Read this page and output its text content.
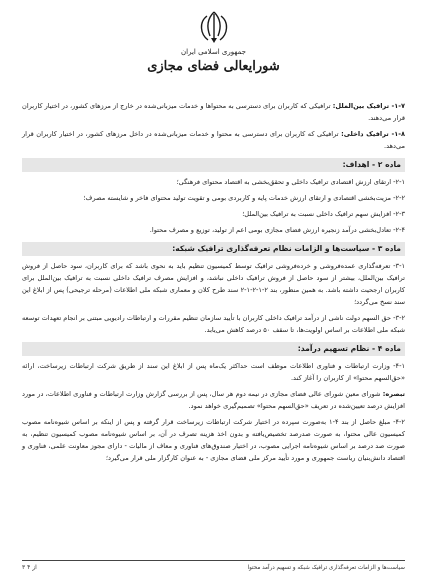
جمهوری اسلامی ایران
شورایعالی فضای مجازی
۱-۷- ترافیک بین‌الملل: ترافیکی که کاربران برای دسترسی به محتواها و خدمات میزبانی‌شده در خارج از مرزهای کشور، در اختیار کاربران قرار می‌دهند.
۱-۸- ترافیک داخلی: ترافیکی که کاربران برای دسترسی به محتوا و خدمات میزبانی‌شده در داخل مرزهای کشور، در اختیار کاربران قرار می‌دهد.
ماده ۲ - اهداف:
۲-۱- ارتقای ارزش اقتصادی ترافیک داخلی و تحقق‌بخشی به اقتصاد محتوای فرهنگی؛
۲-۲- مزیت‌بخشی اقتصادی و ارتقای ارزش خدمات پایه و کاربردی بومی و تقویت تولید محتوای فاخر و شایسته مصرف؛
۲-۳- افزایش سهم ترافیک داخلی نسبت به ترافیک بین‌الملل؛
۲-۴- تعادل‌بخشی درآمد زنجیره ارزش فضای مجازی بومی اعم از تولید، توزیع و مصرف محتوا.
ماده ۳ - سیاست‌ها و الزامات نظام تعرفه‌گذاری ترافیک شبکه:
۳-۱- تعرفه‌گذاری عمده‌فروشی و خرده‌فروشی ترافیک توسط کمیسیون تنظیم باید به نحوی باشد که برای کاربران، سود حاصل از فروش ترافیک بین‌الملل، بیشتر از سود حاصل از فروش ترافیک داخلی نباشد، و افزایش مصرف ترافیک داخلی نسبت به ترافیک بین‌الملل برای کاربران ارجحیت داشته باشد. به همین منظور، بند ۲-۱-۲-۱-۲ سند طرح کلان و معماری شبکه ملی اطلاعات (مرحله ترجیحی) پس از ابلاغ این سند نسخ می‌گردد؛
۳-۲- حق السهم دولت ناشی از درآمد ترافیک داخلی کاربران با تأیید سازمان تنظیم مقررات و ارتباطات رادیویی مبتنی بر انجام تعهدات توسعه شبکه ملی اطلاعات بر اساس اولویت‌ها، تا سقف ۵۰ درصد کاهش می‌یابد.
ماده ۴ - نظام تسهیم درآمد:
۴-۱- وزارت ارتباطات و فناوری اطلاعات موظف است حداکثر یک‌ماه پس از ابلاغ این سند از طریق شرکت ارتباطات زیرساخت، ارائه «حق‌السهم محتوا» از کاربران را آغاز کند.
تبصره: شورای معین شورای عالی فضای مجازی در نیمه دوم هر سال، پس از بررسی گزارش وزارت ارتباطات و فناوری اطلاعات، در مورد افزایش درصد تعیین‌شده در تعریف «حق‌السهم محتوا» تصمیم‌گیری خواهد نمود.
۴-۲- مبلغ حاصل از بند ۴-۱ به‌صورت سپرده در اختیار شرکت ارتباطات زیرساخت قرار گرفته و پس از اینکه بر اساس شیوه‌نامه مصوب کمیسیون عالی محتوا، به صورت صدرصد تخصیص‌یافته و بدون اخذ هزینه تصرف در آن، بر اساس شیوه‌نامه مصوب کمیسیون تنظیم، به صورت صد درصد بر اساس شیوه‌نامه اجرایی مصوب، در اختیار صندوق‌های فناوری و معاف از مالیات - دارای مجوز معاونت علمی، فناوری و اقتصاد دانش‌بنیان ریاست جمهوری و مورد تأیید مرکز ملی فضای مجازی - به عنوان کارگزار ملی قرار می‌گیرد؛
سیاست‌ها و الزامات تعرفه‌گذاری ترافیک شبکه و تسهیم درآمد محتوا
۳ از ۴
